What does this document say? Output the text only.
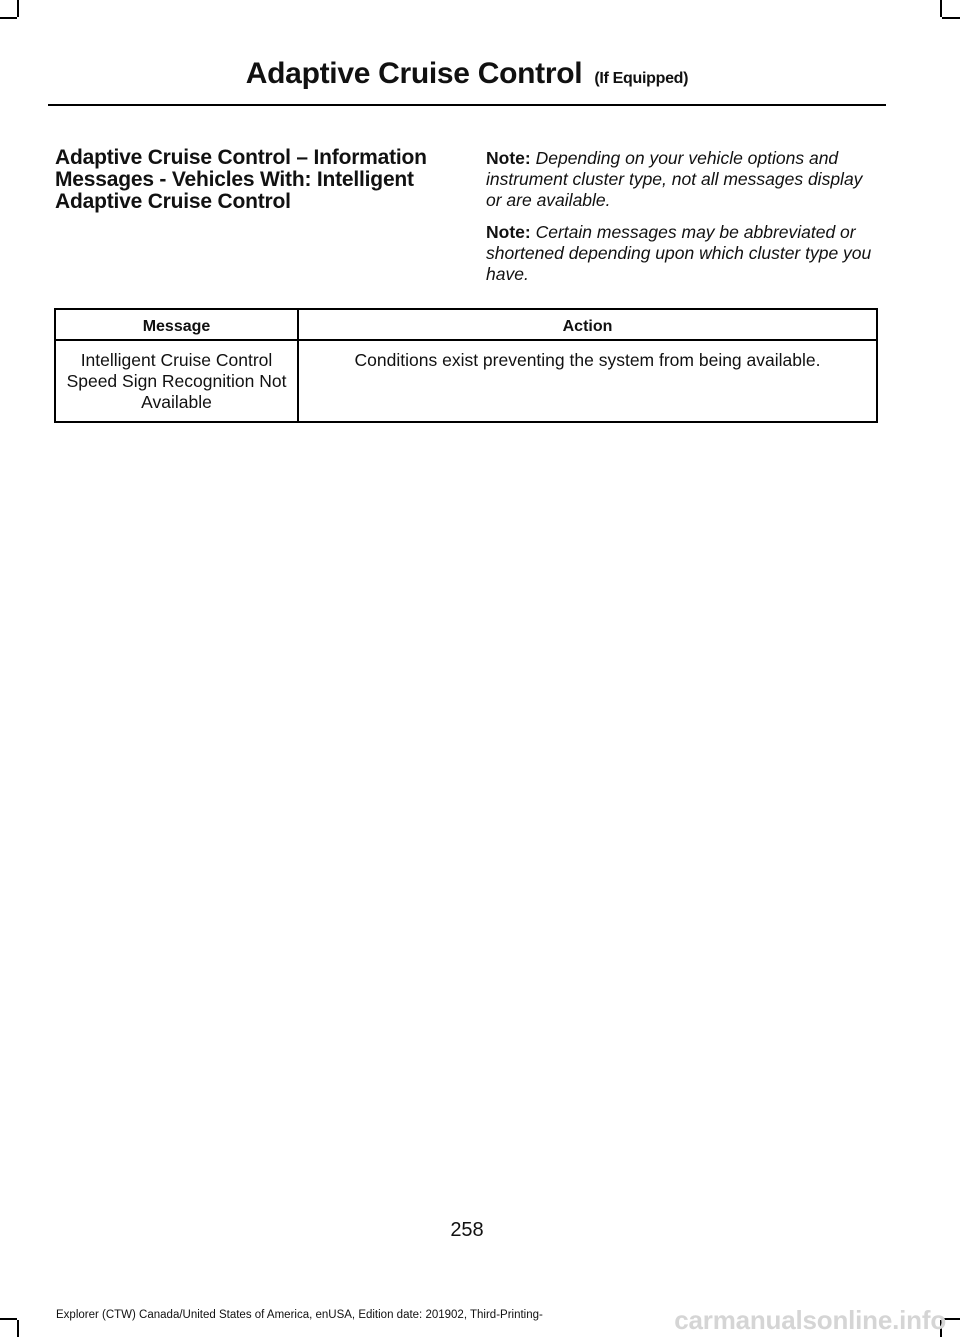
Adaptive Cruise Control (If Equipped)
Adaptive Cruise Control – Information Messages - Vehicles With: Intelligent Adaptive Cruise Control

Note: Depending on your vehicle options and instrument cluster type, not all messages display or are available.

Note: Certain messages may be abbreviated or shortened depending upon which cluster type you have.

Message	Action
Intelligent Cruise Control Speed Sign Recognition Not Available	Conditions exist preventing the system from being available.
258
Explorer (CTW) Canada/United States of America, enUSA, Edition date: 201902, Third-Printing-	carmanualsonline.info
